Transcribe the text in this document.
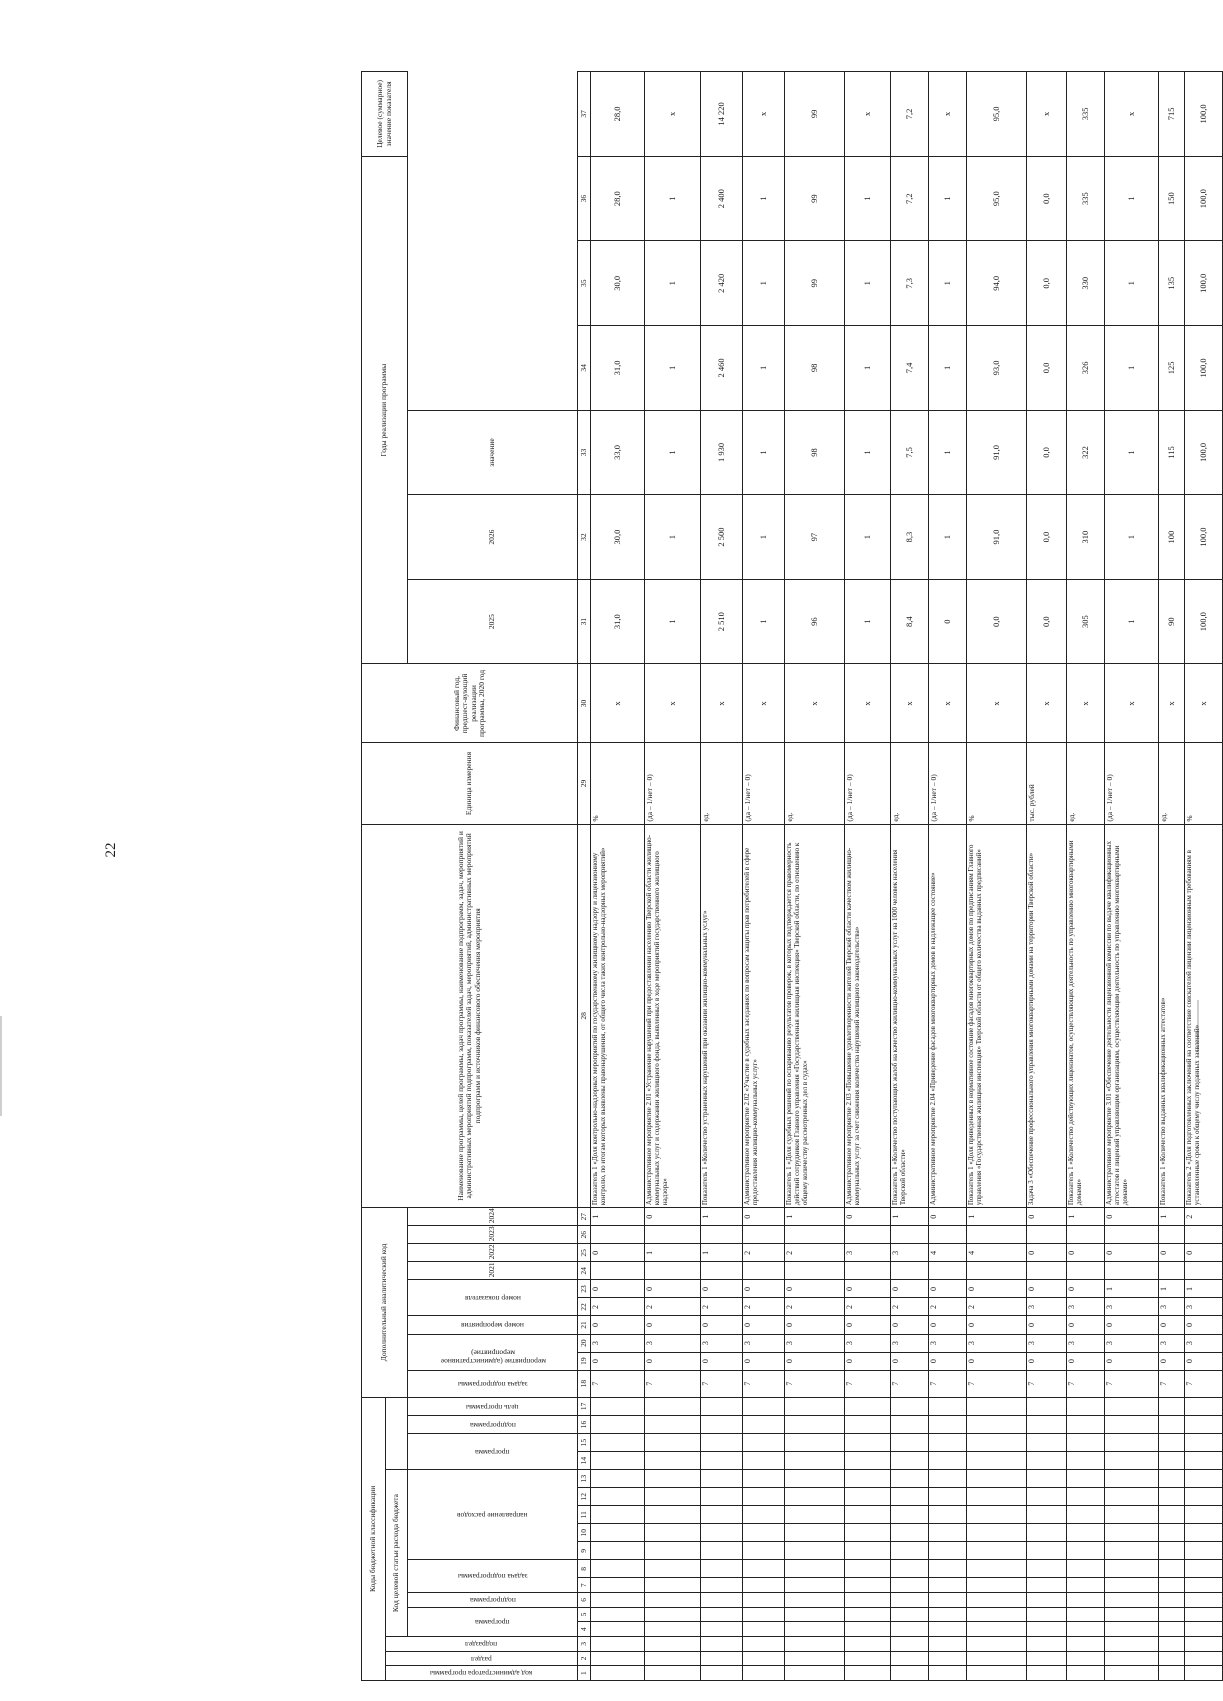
22
Коды бюджетной классификации																	Дополнительный аналитический код										Наименование программы, целей программы, задач программы, наименование подпрограмм, задач, мероприятий и административных мероприятий подпрограмм, показателей задач, мероприятий, административных мероприятий подпрограмм и источников финансового обеспечения мероприятия	Единица измерения	Финансовый год, предшест-вующий реализации программы, 2020 год	Годы реализации программы						Целевое (суммарное) значение показателя

код администратора программы	раздел	подраздел	Код целевой статьи расхода бюджета																																	

			программа		подпрограмма	задача подпрограммы		направление расходов					программа		подпрограмма	цель программы	задача подпрограммы	мероприятие (административное мероприятие)		номер мероприятия	номер показателя		2021	2022	2023	2024				2025	2026	значение				
1	2	3	4	5	6	7	8	9	10	11	12	13	14	15	16	17	18	19	20	21	22	23	24	25	26	27	28	29	30	31	32	33	34	35	36	37
																	7	0	3	0	2	0		0		1	Показатель 1 «Доля контрольно-надзорных мероприятий по государственному жилищному надзору и лицензионному контролю, по итогам которых выявлены правонарушения, от общего числа таких контрольно-надзорных мероприятий»	%	х	31,0	30,0	33,0	31,0	30,0	28,0	28,0
																	7	0	3	0	2	0		1		0	Административное мероприятие 2.01 «Устранение нарушений при предоставлении населению Тверской области жилищно-коммунальных услуг и содержании жилищного фонда, выявленных в ходе мероприятий государственного жилищного надзора»	(да – 1/нет – 0)	х	1	1	1	1	1	1	х
																	7	0	3	0	2	0		1		1	Показатель 1 «Количество устраненных нарушений при оказании жилищно-коммунальных услуг»	ед.	х	2 510	2 500	1 930	2 460	2 420	2 400	14 220
																	7	0	3	0	2	0		2		0	Административное мероприятие 2.02 «Участие в судебных заседаниях по вопросам защиты прав потребителей в сфере предоставления жилищно-коммунальных услуг»	(да – 1/нет – 0)	х	1	1	1	1	1	1	х
																	7	0	3	0	2	0		2		1	Показатель 1 «Доля судебных решений по оспариванию результатов проверок, в которых подтверждается правомерность действий сотрудников Главного управления «Государственная жилищная инспекция» Тверской области, по отношению к общему количеству рассмотренных дел в судах»	ед.	х	96	97	98	98	99	99	99
																	7	0	3	0	2	0		3		0	Административное мероприятие 2.03 «Повышение удовлетворенности жителей Тверской области качеством жилищно-коммунальных услуг за счет снижения количества нарушений жилищного законодательства»	(да – 1/нет – 0)	х	1	1	1	1	1	1	х
																	7	0	3	0	2	0		3		1	Показатель 1 «Количество поступающих жалоб на качество жилищно-коммунальных услуг на 1000 человек населения Тверской области»	ед.	х	8,4	8,3	7,5	7,4	7,3	7,2	7,2
																	7	0	3	0	2	0		4		0	Административное мероприятие 2.04 «Приведение фасадов многоквартирных домов в надлежащее состояние»	(да – 1/нет – 0)	х	0	1	1	1	1	1	х
																	7	0	3	0	2	0		4		1	Показатель 1 «Доля приведенных в нормативное состояние фасадов многоквартирных домов по предписаниям Главного управления «Государственная жилищная инспекция» Тверской области от общего количества выданных предписаний»	%	х	0,0	91,0	91,0	93,0	94,0	95,0	95,0
																	7	0	3	0	3	0		0		0	Задача 3 «Обеспечение профессионального управления многоквартирными домами на территории Тверской области»	тыс. рублей	х	0,0	0,0	0,0	0,0	0,0	0,0	х
																	7	0	3	0	3	0		0		1	Показатель 1 «Количество действующих лицензиатов, осуществляющих деятельность по управлению многоквартирными домами»	ед.	х	305	310	322	326	330	335	335
																	7	0	3	0	3	1		0		0	Административное мероприятие 3.01 «Обеспечение деятельности лицензионной комиссии по выдаче квалификационных аттестатов и лицензий управляющим организациям, осуществляющим деятельность по управлению многоквартирными домами»	(да – 1/нет – 0)	х	1	1	1	1	1	1	х
																	7	0	3	0	3	1		0		1	Показатель 1 «Количество выданных квалификационных аттестатов»	ед.	х	90	100	115	125	135	150	715
																	7	0	3	0	3	1		0		2	Показатель 2 «Доля подготовленных заключений на соответствие соискателей лицензии лицензионным требованиям в установленные сроки к общему числу поданных заявлений»	%	х	100,0	100,0	100,0	100,0	100,0	100,0	100,0
